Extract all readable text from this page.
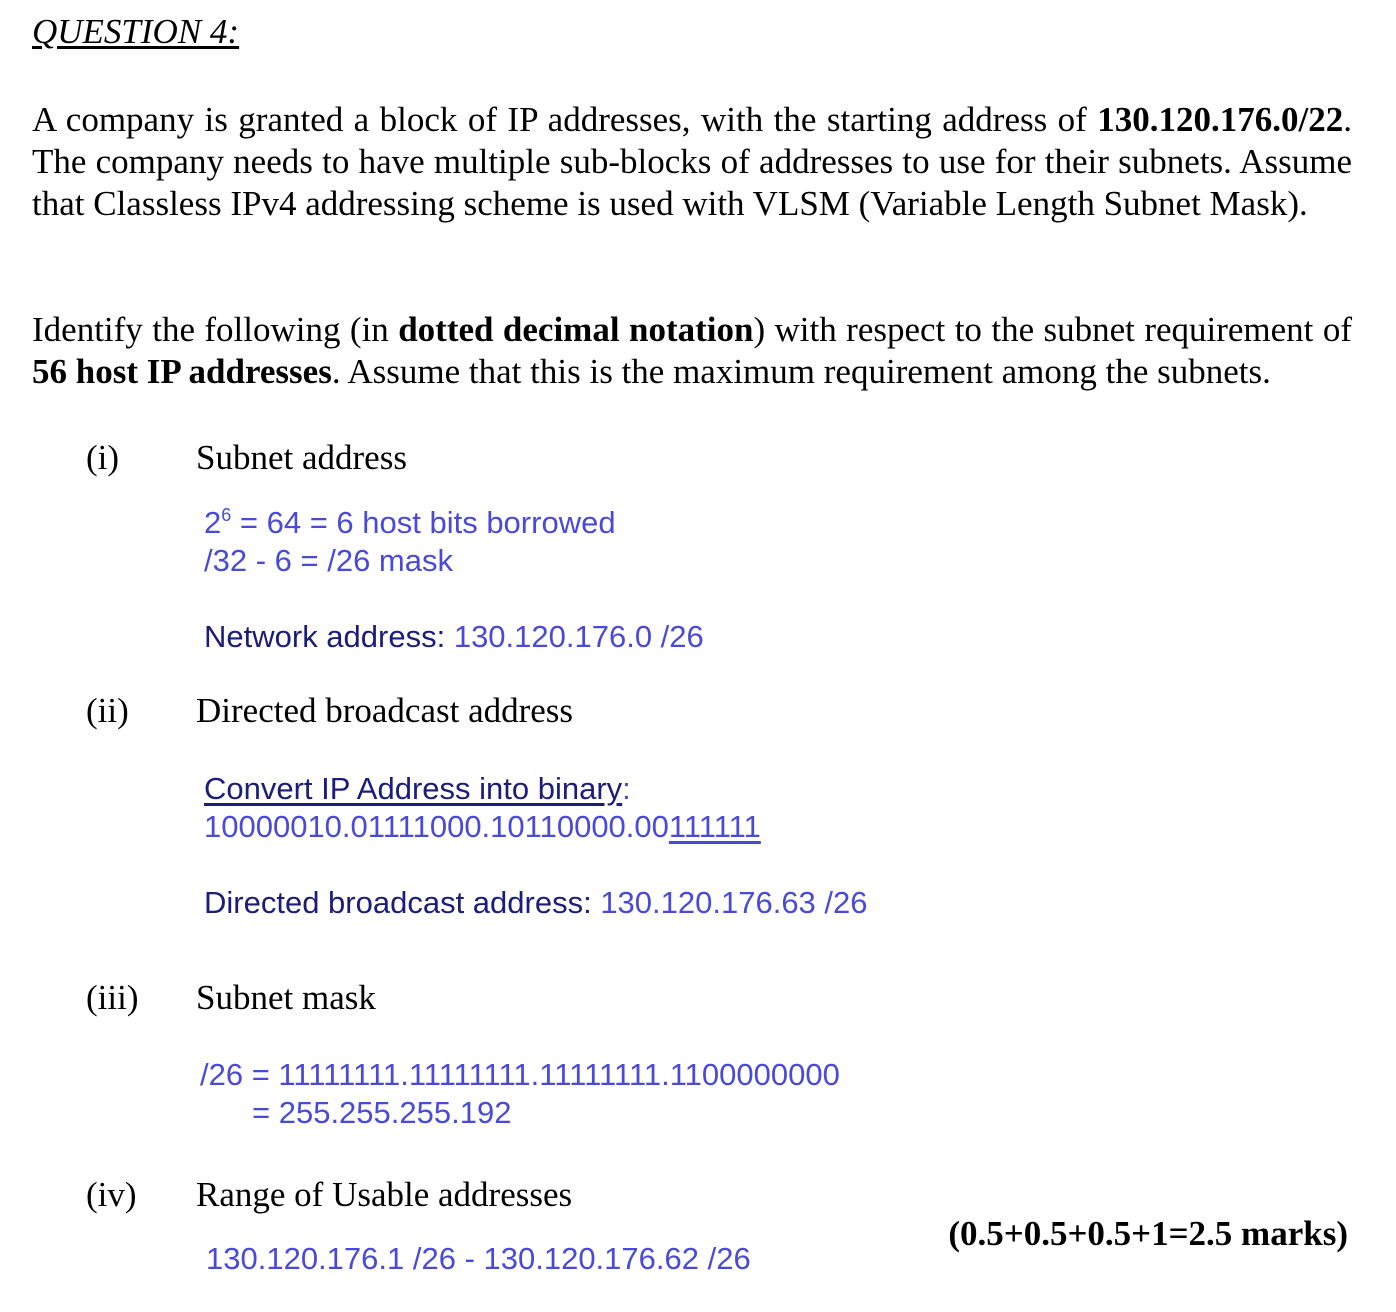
QUESTION 4:
A company is granted a block of IP addresses, with the starting address of 130.120.176.0/22. The company needs to have multiple sub-blocks of addresses to use for their subnets. Assume that Classless IPv4 addressing scheme is used with VLSM (Variable Length Subnet Mask).
Identify the following (in dotted decimal notation) with respect to the subnet requirement of 56 host IP addresses. Assume that this is the maximum requirement among the subnets.
(i) Subnet address
$2^6 = 64 = 6$ host bits borrowed
/32 - 6 = /26 mask
Network address: 130.120.176.0 /26
(ii) Directed broadcast address
Convert IP Address into binary:
10000010.01111000.10110000.00111111
Directed broadcast address: 130.120.176.63 /26
(iii) Subnet mask
/26 = 11111111.11111111.11111111.1100000000
= 255.255.255.192
(iv) Range of Usable addresses
130.120.176.1 /26 - 130.120.176.62 /26
(0.5+0.5+0.5+1=2.5 marks)
